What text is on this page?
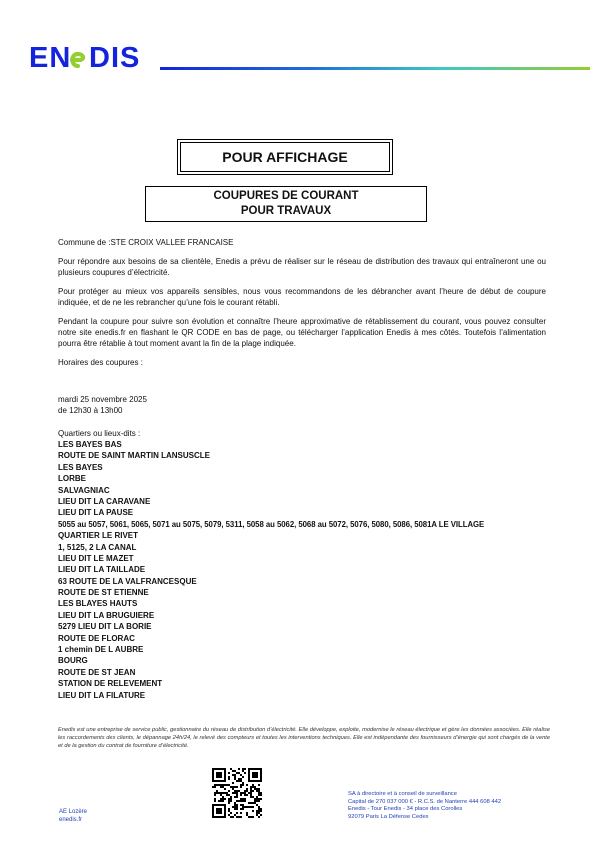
EN DIS
POUR AFFICHAGE
COUPURES DE COURANT
POUR TRAVAUX

Commune de :STE CROIX VALLEE FRANCAISE

Pour répondre aux besoins de sa clientèle, Enedis a prévu de réaliser sur le réseau de distribution des travaux qui entraîneront une ou plusieurs coupures d’électricité.

Pour protéger au mieux vos appareils sensibles, nous vous recommandons de les débrancher avant l’heure de début de coupure indiquée, et de ne les rebrancher qu’une fois le courant rétabli.

Pendant la coupure pour suivre son évolution et connaître l’heure approximative de rétablissement du courant, vous pouvez consulter notre site enedis.fr en flashant le QR CODE en bas de page, ou télécharger l’application Enedis à mes côtés. Toutefois l’alimentation pourra être rétablie à tout moment avant la fin de la plage indiquée.

Horaires des coupures :

mardi 25 novembre 2025

de 12h30 à 13h00

Quartiers ou lieux-dits :

LES BAYES BAS
ROUTE DE SAINT MARTIN LANSUSCLE
LES BAYES
LORBE
SALVAGNIAC
LIEU DIT LA CARAVANE
LIEU DIT LA PAUSE
5055 au 5057, 5061, 5065, 5071 au 5075, 5079, 5311, 5058 au 5062, 5068 au 5072, 5076, 5080, 5086, 5081A LE VILLAGE
QUARTIER LE RIVET
1, 5125, 2 LA CANAL
LIEU DIT LE MAZET
LIEU DIT LA TAILLADE
63 ROUTE DE LA VALFRANCESQUE
ROUTE DE ST ETIENNE
LES BLAYES HAUTS
LIEU DIT LA BRUGUIERE
5279 LIEU DIT LA BORIE
ROUTE DE FLORAC
1 chemin DE L AUBRE
BOURG
ROUTE DE ST JEAN
STATION DE RELEVEMENT
LIEU DIT LA FILATURE
Enedis est une entreprise de service public, gestionnaire du réseau de distribution d’électricité. Elle développe, exploite, modernise le réseau électrique et gère les données associées. Elle réalise les raccordements des clients, le dépannage 24h/24, le relevé des compteurs et toutes les interventions techniques. Elle est indépendante des fournisseurs d’énergie qui sont chargés de la vente et de la gestion du contrat de fourniture d’électricité.
AE Lozère
enedis.fr
SA à directoire et à conseil de surveillance
Capital de 270 037 000 € - R.C.S. de Nanterre 444 608 442
Enedis - Tour Enedis - 34 place des Corolles
92079 Paris La Défense Cedex
